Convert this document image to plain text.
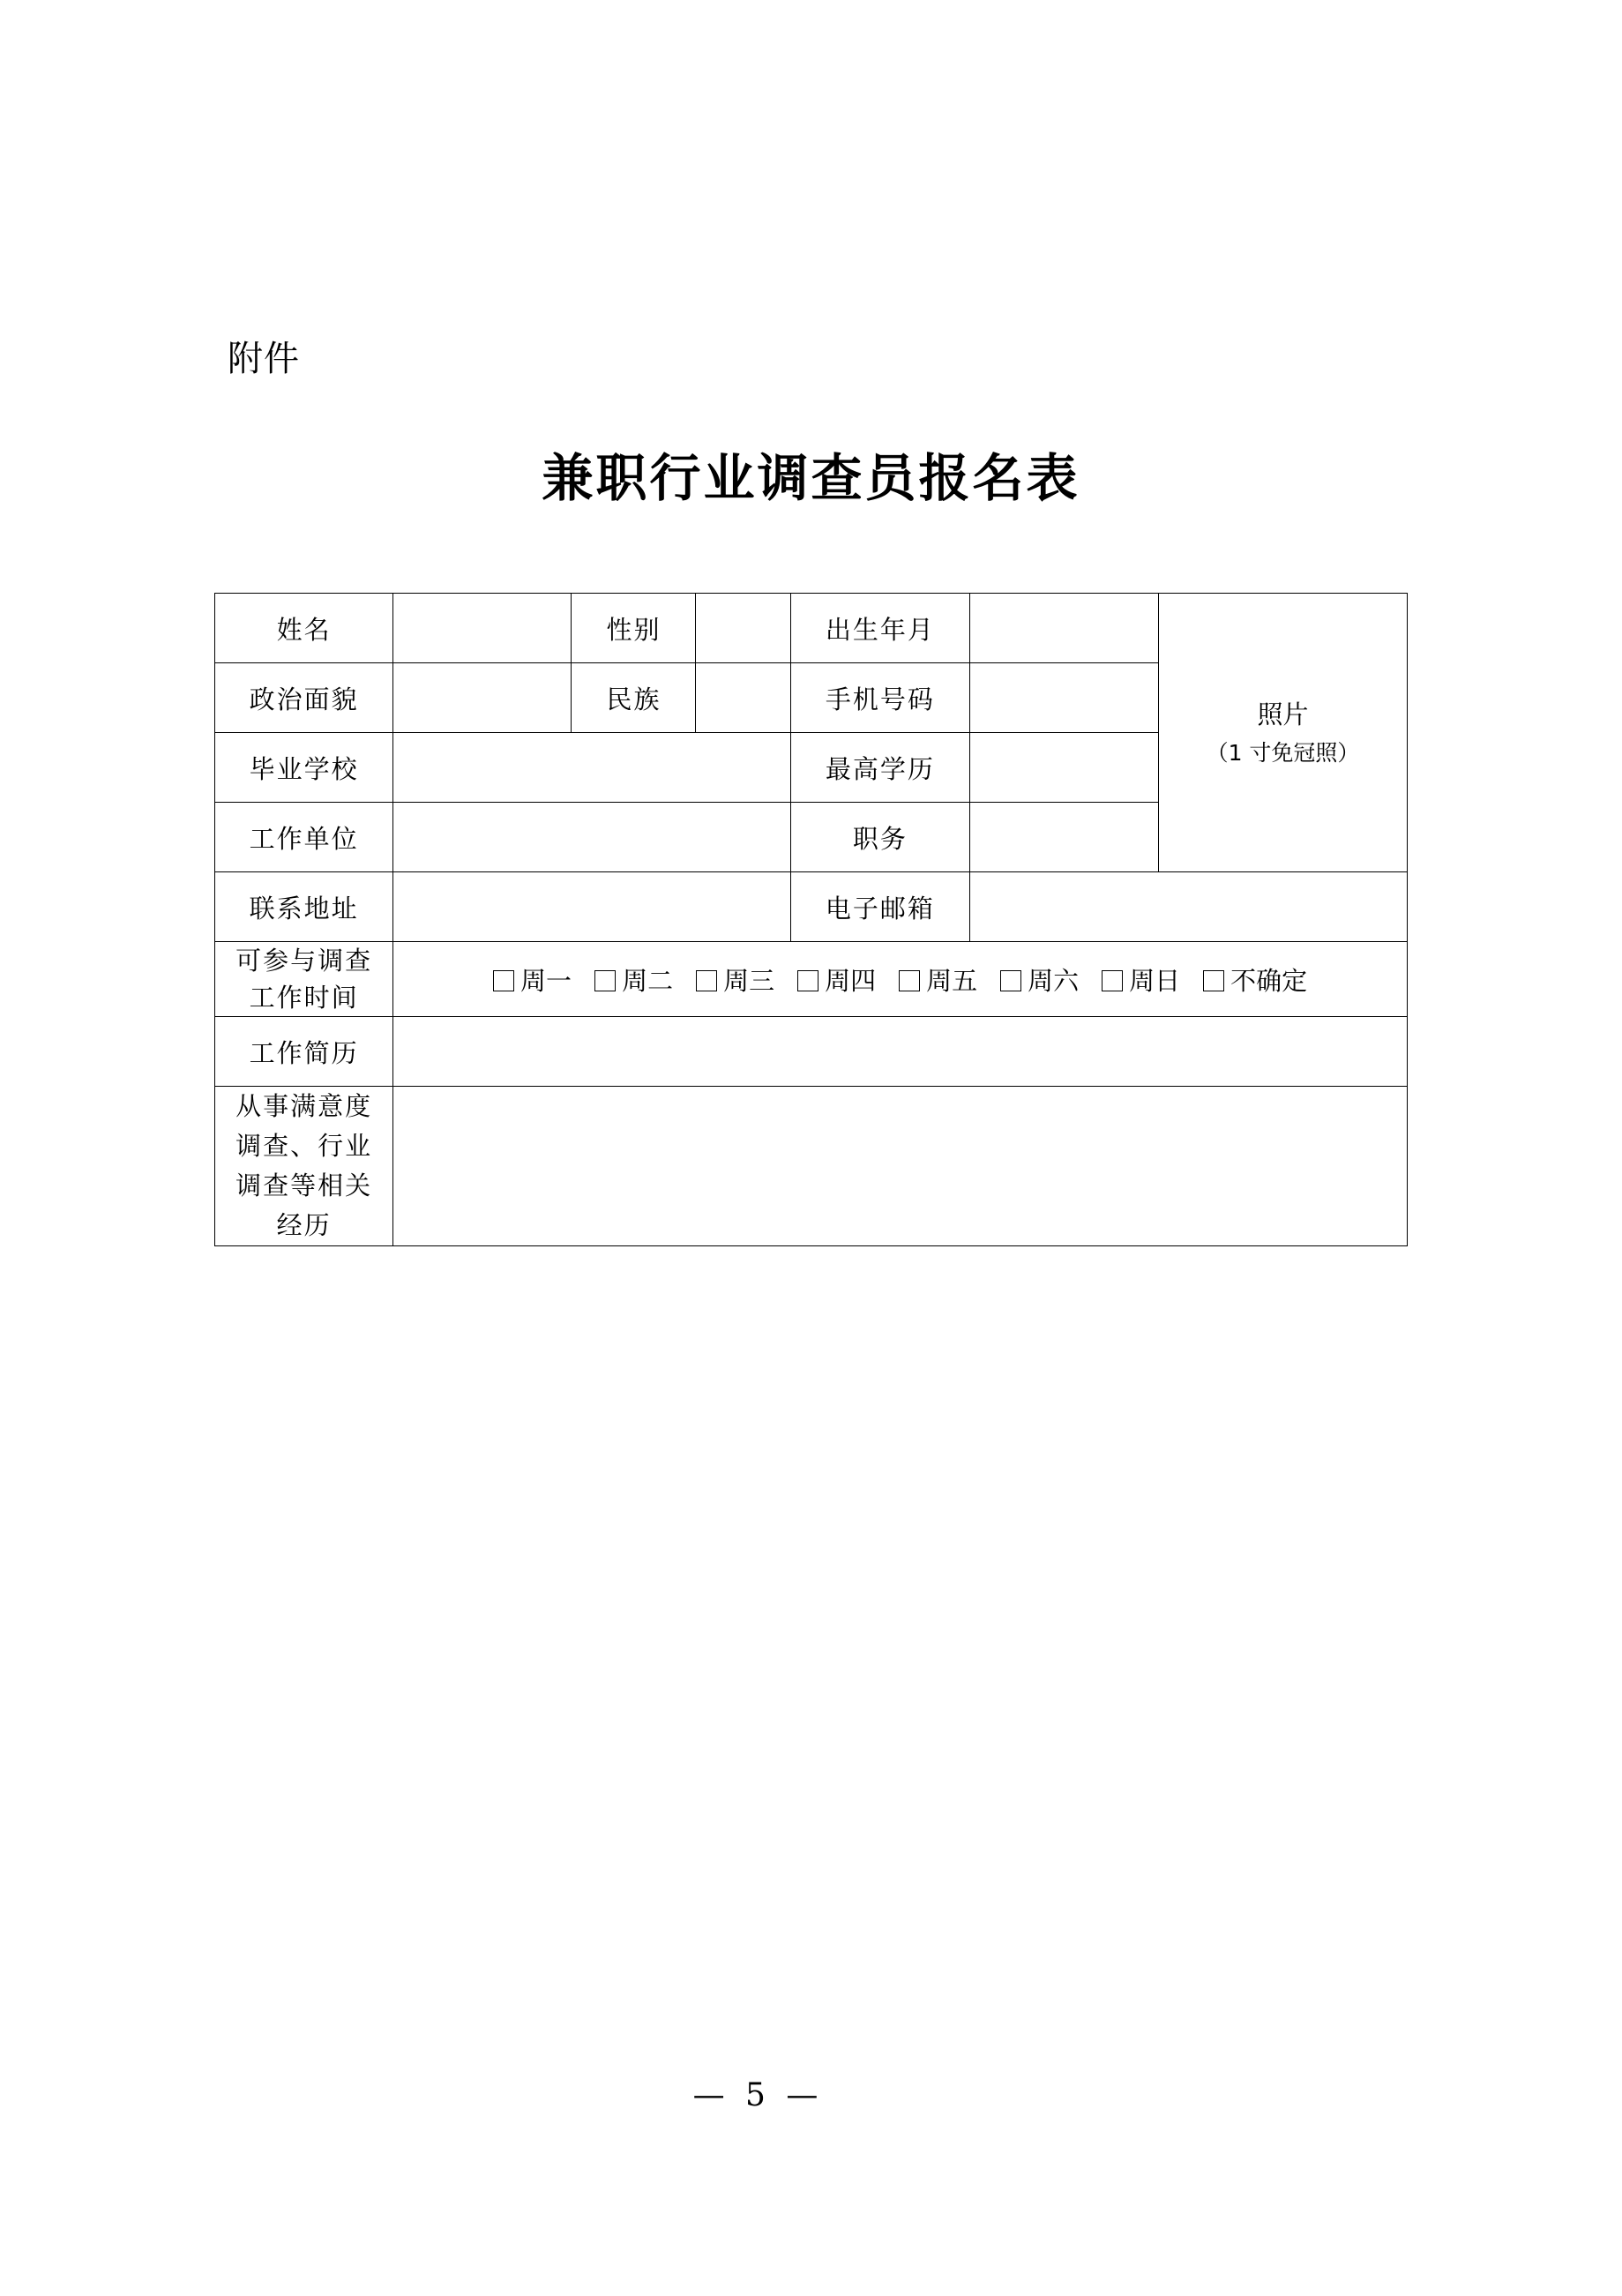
附件
兼职行业调查员报名表
姓名		性别		出生年月		照片
（1 寸免冠照）

政治面貌		民族		手机号码		
毕业学校				最高学历		
工作单位				职务		
联系地址				电子邮箱		
可参与调查
工作时间	周一 周二 周三 周四 周五 周六 周日 不确定					
工作简历						
从事满意度
调查、行业
调查等相关
经历						
— 5 —
